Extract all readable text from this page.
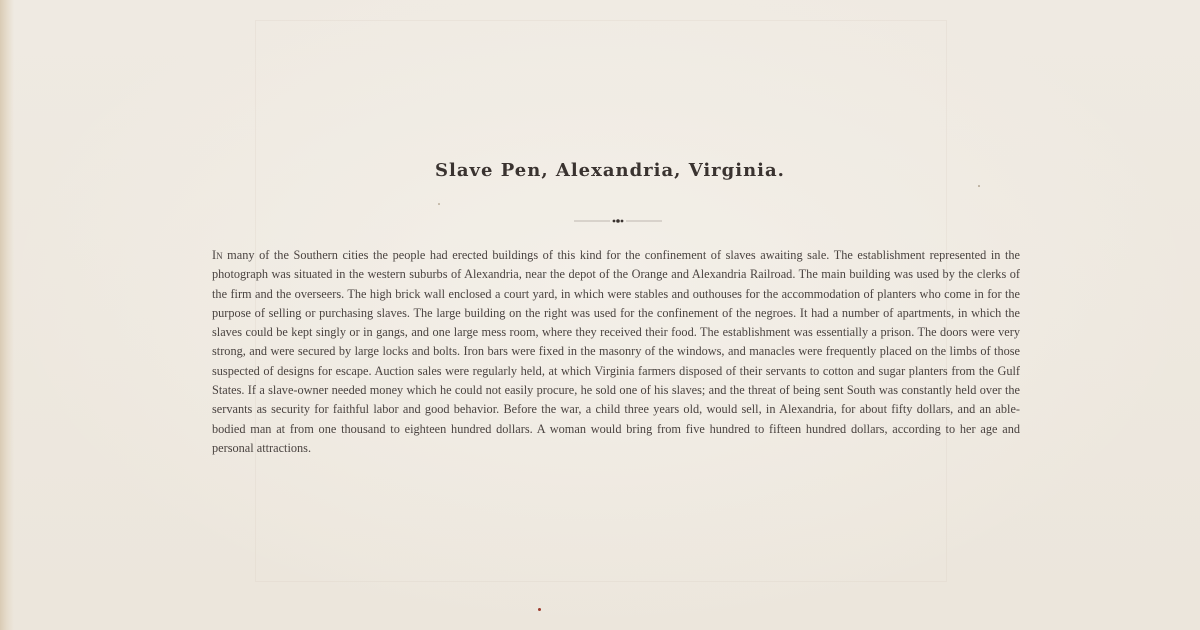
Slave Pen, Alexandria, Virginia.

In many of the Southern cities the people had erected buildings of this kind for the confinement of slaves awaiting sale. The establishment represented in the photograph was situated in the western suburbs of Alexandria, near the depot of the Orange and Alexandria Railroad. The main building was used by the clerks of the firm and the overseers. The high brick wall enclosed a court yard, in which were stables and outhouses for the accommodation of planters who come in for the purpose of selling or purchasing slaves. The large building on the right was used for the confinement of the negroes. It had a number of apartments, in which the slaves could be kept singly or in gangs, and one large mess room, where they received their food. The establishment was essentially a prison. The doors were very strong, and were secured by large locks and bolts. Iron bars were fixed in the masonry of the windows, and manacles were frequently placed on the limbs of those suspected of designs for escape. Auction sales were regularly held, at which Virginia farmers disposed of their servants to cotton and sugar planters from the Gulf States. If a slave-owner needed money which he could not easily procure, he sold one of his slaves; and the threat of being sent South was constantly held over the servants as security for faithful labor and good behavior. Before the war, a child three years old, would sell, in Alexandria, for about fifty dollars, and an able-bodied man at from one thousand to eighteen hundred dollars. A woman would bring from five hundred to fifteen hundred dollars, according to her age and personal attractions.
